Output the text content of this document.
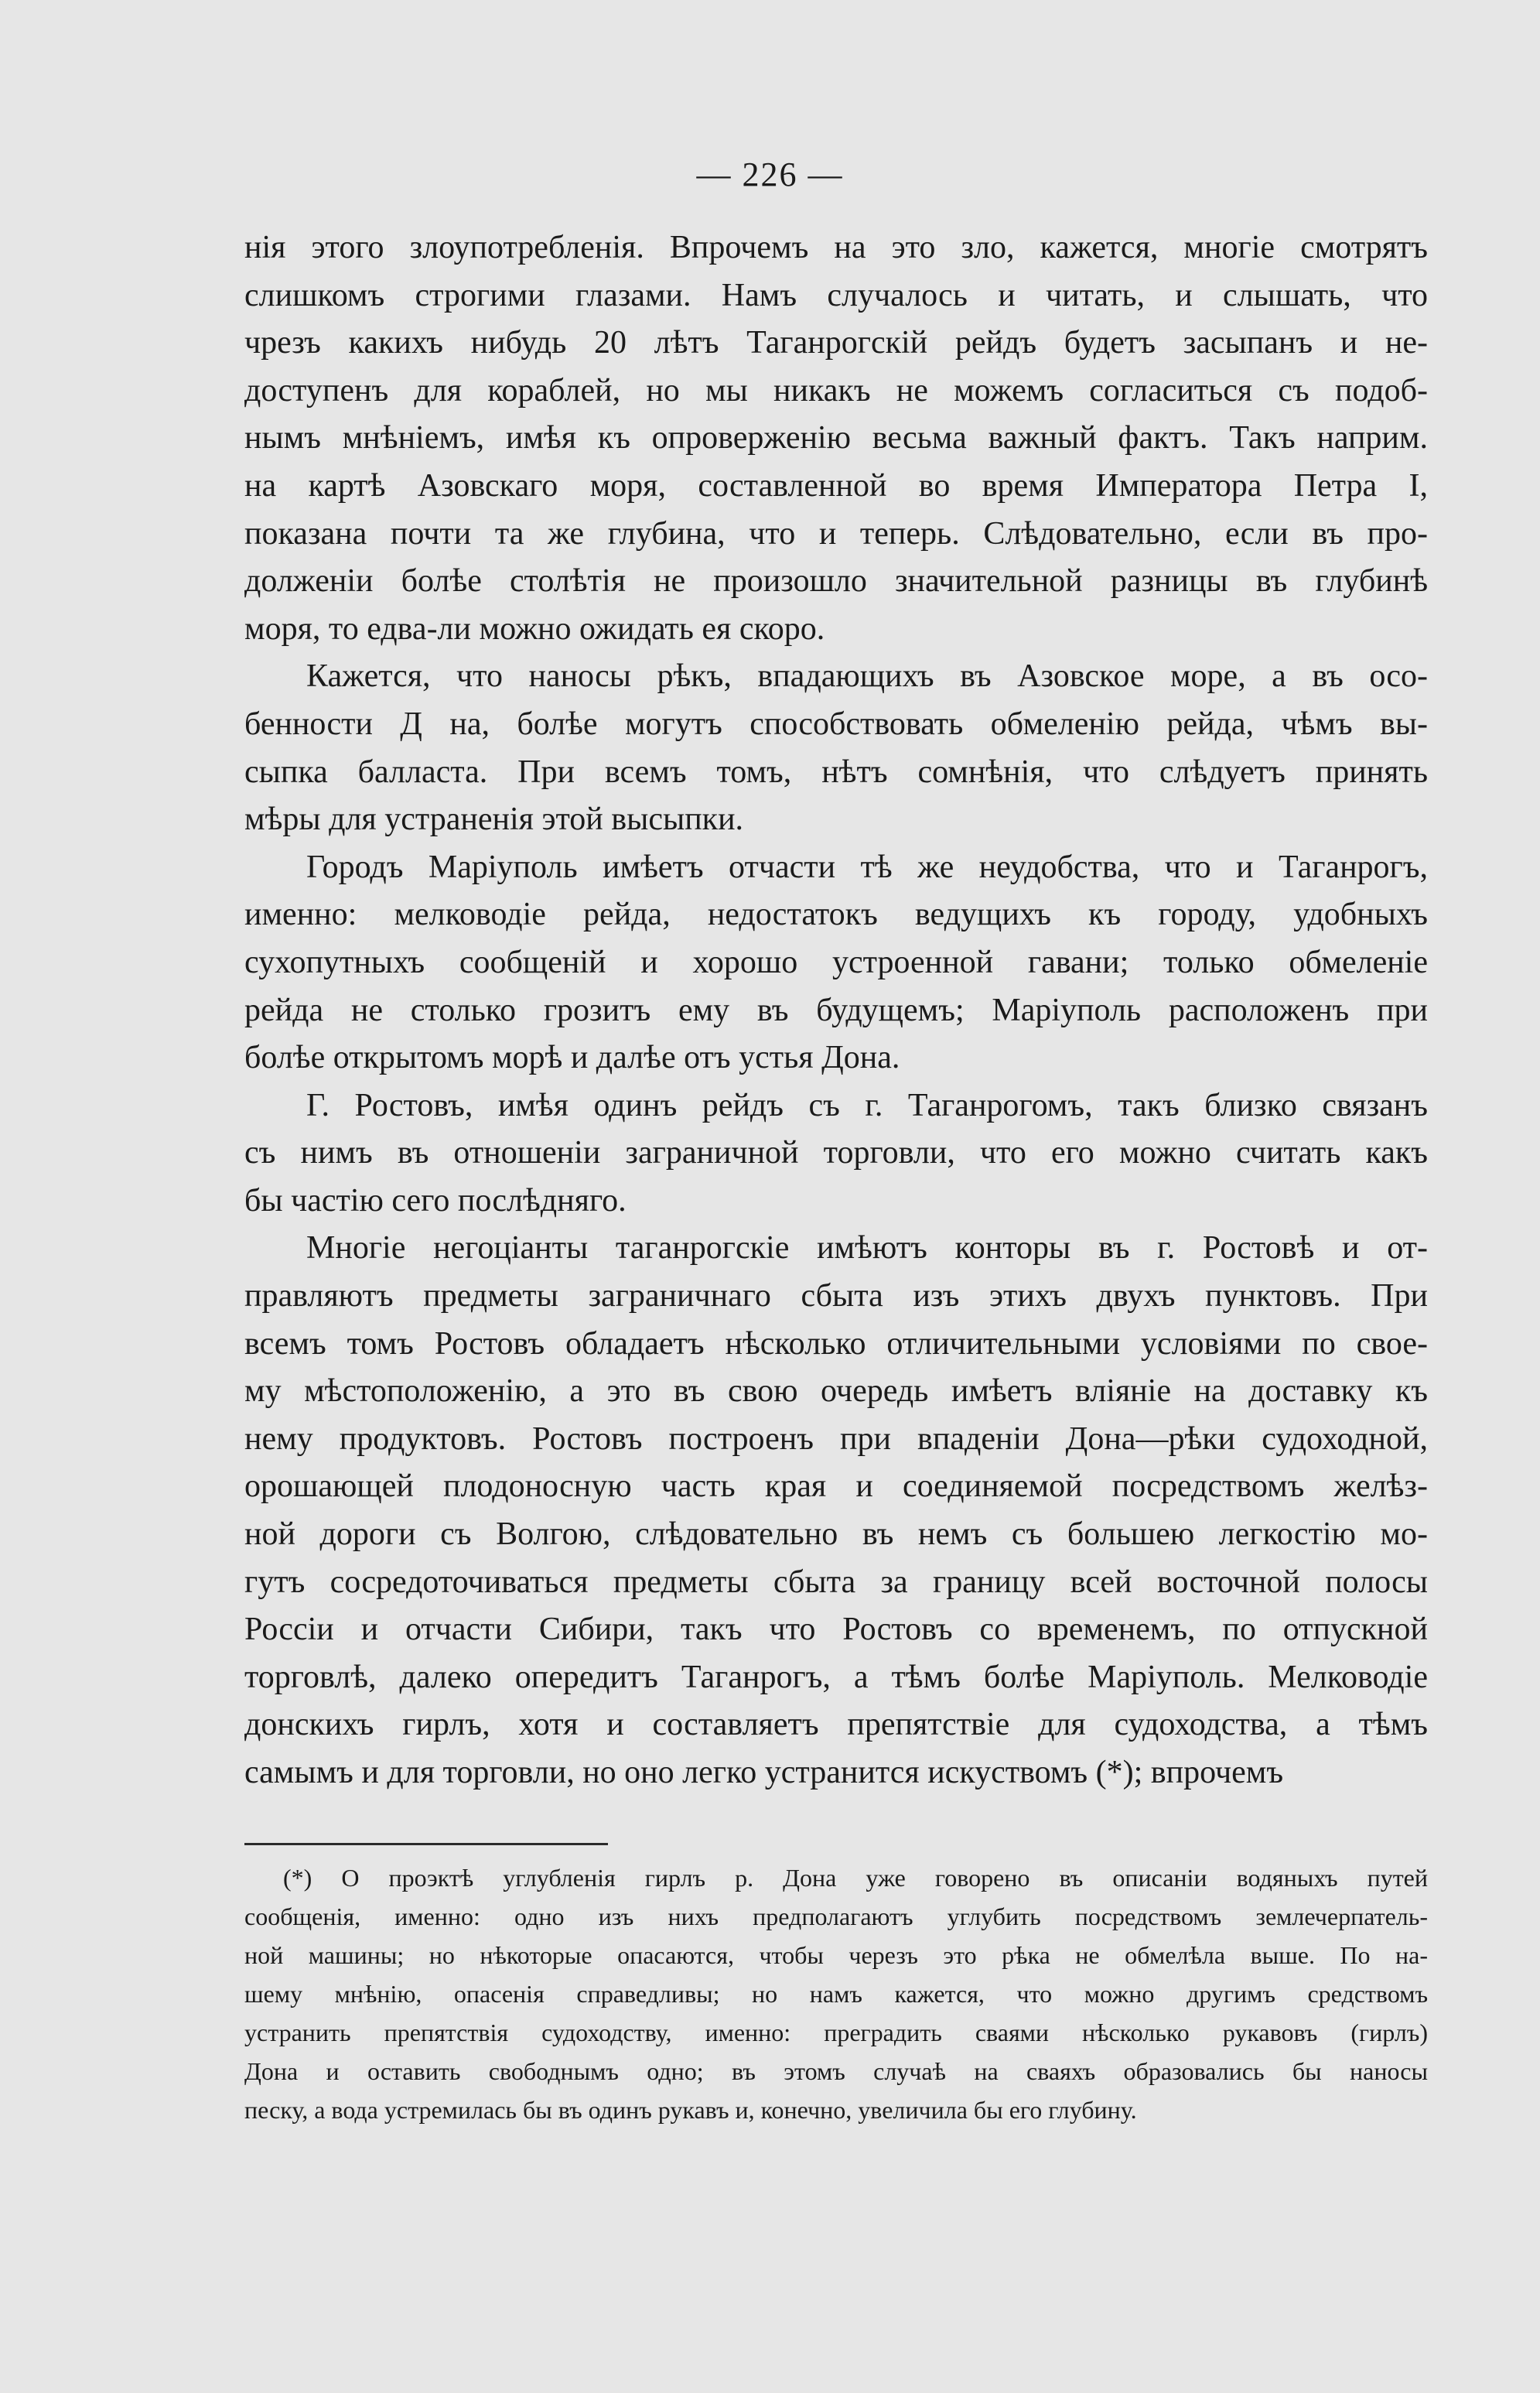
— 226 —

нія этого злоупотребленія. Впрочемъ на это зло, кажется, многіе смотрятъ
слишкомъ строгими глазами. Намъ случалось и читать, и слышать, что
чрезъ какихъ нибудь 20 лѣтъ Таганрогскій рейдъ будетъ засыпанъ и не-
доступенъ для кораблей, но мы никакъ не можемъ согласиться съ подоб-
нымъ мнѣніемъ, имѣя къ опроверженію весьма важный фактъ. Такъ наприм.
на картѣ Азовскаго моря, составленной во время Императора Петра I,
показана почти та же глубина, что и теперь. Слѣдовательно, если въ про-
долженіи болѣе столѣтія не произошло значительной разницы въ глубинѣ
моря, то едва-ли можно ожидать ея скоро.

Кажется, что наносы рѣкъ, впадающихъ въ Азовское море, а въ осо-
бенности Д на, болѣе могутъ способствовать обмеленію рейда, чѣмъ вы-
сыпка балласта. При всемъ томъ, нѣтъ сомнѣнія, что слѣдуетъ принять
мѣры для устраненія этой высыпки.

Городъ Маріуполь имѣетъ отчасти тѣ же неудобства, что и Таганрогъ,
именно: мелководіе рейда, недостатокъ ведущихъ къ городу, удобныхъ
сухопутныхъ сообщеній и хорошо устроенной гавани; только обмеленіе
рейда не столько грозитъ ему въ будущемъ; Маріуполь расположенъ при
болѣе открытомъ морѣ и далѣе отъ устья Дона.

Г. Ростовъ, имѣя одинъ рейдъ съ г. Таганрогомъ, такъ близко связанъ
съ нимъ въ отношеніи заграничной торговли, что его можно считать какъ
бы частію сего послѣдняго.

Многіе негоціанты таганрогскіе имѣютъ конторы въ г. Ростовѣ и от-
правляютъ предметы заграничнаго сбыта изъ этихъ двухъ пунктовъ. При
всемъ томъ Ростовъ обладаетъ нѣсколько отличительными условіями по свое-
му мѣстоположенію, а это въ свою очередь имѣетъ вліяніе на доставку къ
нему продуктовъ. Ростовъ построенъ при впаденіи Дона—рѣки судоходной,
орошающей плодоносную часть края и соединяемой посредствомъ желѣз-
ной дороги съ Волгою, слѣдовательно въ немъ съ большею легкостію мо-
гутъ сосредоточиваться предметы сбыта за границу всей восточной полосы
Россіи и отчасти Сибири, такъ что Ростовъ со временемъ, по отпускной
торговлѣ, далеко опередитъ Таганрогъ, а тѣмъ болѣе Маріуполь. Мелководіе
донскихъ гирлъ, хотя и составляетъ препятствіе для судоходства, а тѣмъ
самымъ и для торговли, но оно легко устранится искуствомъ (*); впрочемъ

(*) О проэктѣ углубленія гирлъ р. Дона уже говорено въ описаніи водяныхъ путей
сообщенія, именно: одно изъ нихъ предполагаютъ углубить посредствомъ землечерпатель-
ной машины; но нѣкоторые опасаются, чтобы черезъ это рѣка не обмелѣла выше. По на-
шему мнѣнію, опасенія справедливы; но намъ кажется, что можно другимъ средствомъ
устранить препятствія судоходству, именно: преградить сваями нѣсколько рукавовъ (гирлъ)
Дона и оставить свободнымъ одно; въ этомъ случаѣ на сваяхъ образовались бы наносы
песку, а вода устремилась бы въ одинъ рукавъ и, конечно, увеличила бы его глубину.
